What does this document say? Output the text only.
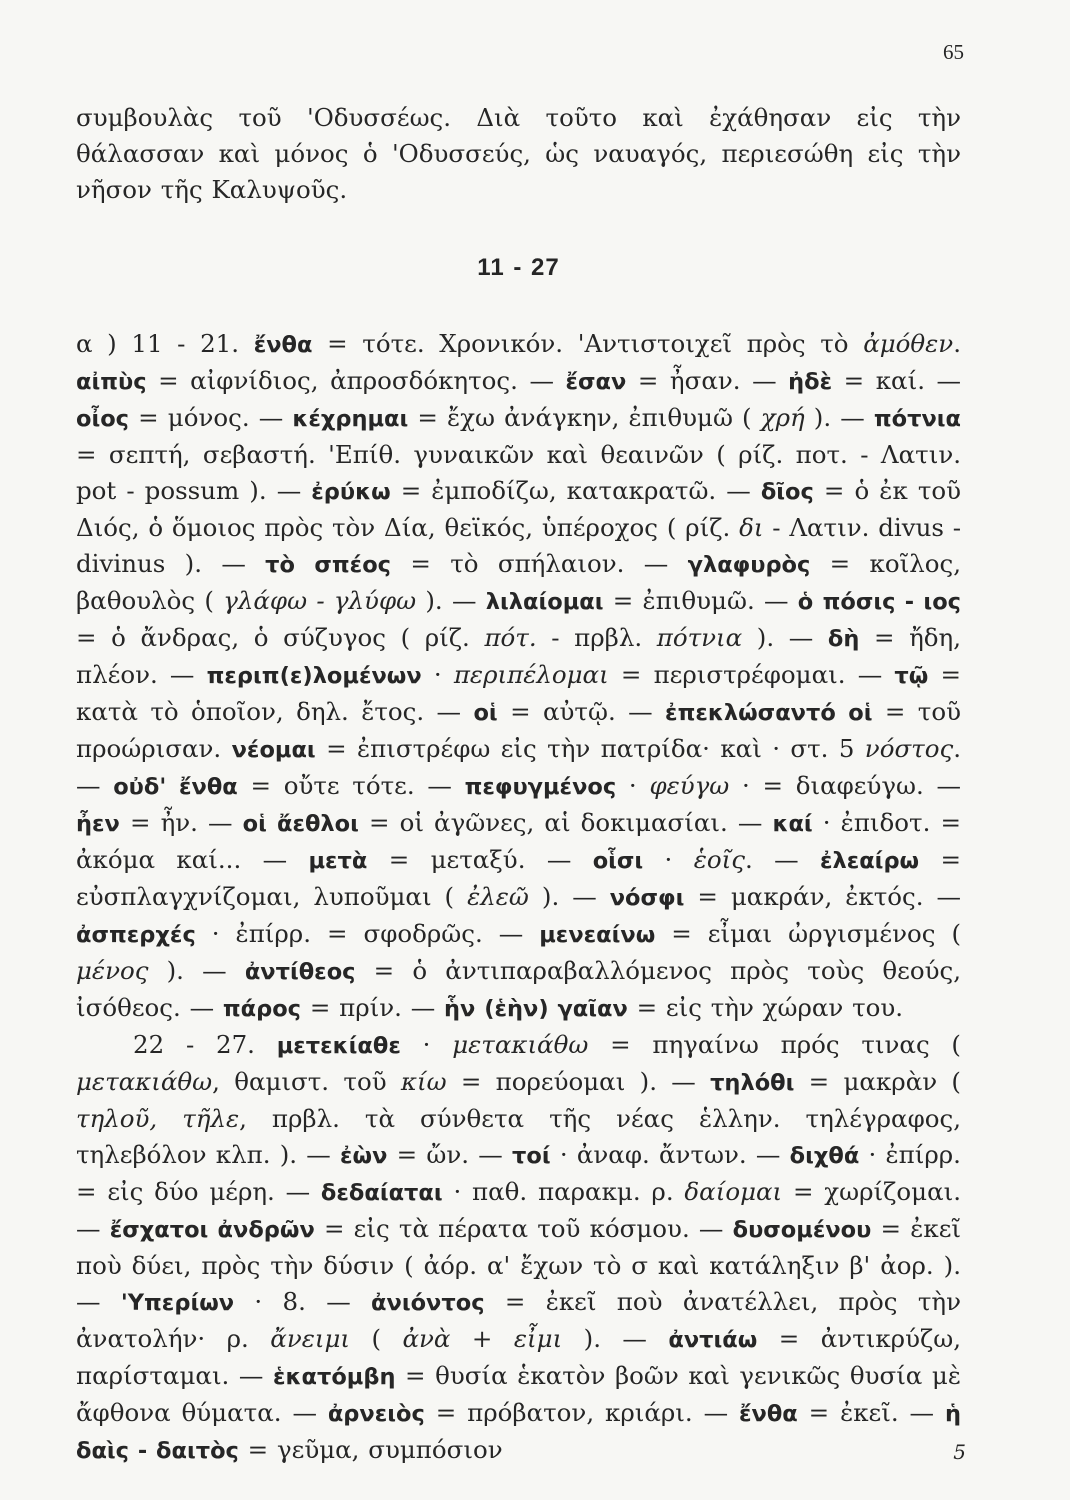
65

συμβουλὰς τοῦ 'Οδυσσέως. Διὰ τοῦτο καὶ ἐχάθησαν εἰς τὴν θάλασσαν καὶ μόνος ὁ 'Οδυσσεύς, ὡς ναυαγός, περιεσώθη εἰς τὴν νῆσον τῆς Καλυψοῦς.

11 - 27

α ) 11 - 21. ἔνθα = τότε. Χρονικόν. 'Αντιστοιχεῖ πρὸς τὸ ἀμόθεν. αἰπὺς = αἰφνίδιος, ἀπροσδόκητος. — ἔσαν = ἦσαν. — ἠδὲ = καί. — οἶος = μόνος. — κέχρημαι = ἔχω ἀνάγκην, ἐπιθυμῶ ( χρή ). — πότνια = σεπτή, σεβαστή. 'Επίθ. γυναικῶν καὶ θεαινῶν ( ρίζ. ποτ. - Λατιν. pot - possum ). — ἐρύκω = ἐμποδίζω, κατακρατῶ. — δῖος = ὁ ἐκ τοῦ Διός, ὁ ὅμοιος πρὸς τὸν Δία, θεϊκός, ὑπέροχος ( ρίζ. δι - Λατιν. divus - divinus ). — τὸ σπέος = τὸ σπήλαιον. — γλαφυρὸς = κοῖλος, βαθουλὸς ( γλάφω - γλύφω ). — λιλαίομαι = ἐπιθυμῶ. — ὁ πόσις - ιος = ὁ ἄνδρας, ὁ σύζυγος ( ρίζ. πότ. - πρβλ. πότνια ). — δὴ = ἤδη, πλέον. — περιπ(ε)λομένων · περιπέλομαι = περιστρέφομαι. — τῷ = κατὰ τὸ ὁποῖον, δηλ. ἔτος. — οἱ = αὐτῷ. — ἐπεκλώσαντό οἱ = τοῦ προώρισαν. νέομαι = ἐπιστρέφω εἰς τὴν πατρίδα· καὶ · στ. 5 νόστος. — οὐδ' ἔνθα = οὔτε τότε. — πεφυγμένος · φεύγω · = διαφεύγω. — ἦεν = ἦν. — οἱ ἄεθλοι = οἱ ἀγῶνες, αἱ δοκιμασίαι. — καί · ἐπιδοτ. = ἀκόμα καί... — μετὰ = μεταξύ. — οἷσι · ἑοῖς. — ἐλεαίρω = εὐσπλαγχνίζομαι, λυποῦμαι ( ἐλεῶ ). — νόσφι = μακράν, ἐκτός. — ἀσπερχές · ἐπίρρ. = σφοδρῶς. — μενεαίνω = εἶμαι ὠργισμένος ( μένος ). — ἀντίθεος = ὁ ἀντιπαραβαλλόμενος πρὸς τοὺς θεούς, ἰσόθεος. — πάρος = πρίν. — ἧν (ἑὴν) γαῖαν = εἰς τὴν χώραν του.

22 - 27. μετεκίαθε · μετακιάθω = πηγαίνω πρός τινας ( μετακιάθω, θαμιστ. τοῦ κίω = πορεύομαι ). — τηλόθι = μακρὰν ( τηλοῦ, τῆλε, πρβλ. τὰ σύνθετα τῆς νέας ἑλλην. τηλέγραφος, τηλεβόλον κλπ. ). — ἐὼν = ὤν. — τοί · ἀναφ. ἄντων. — διχθά · ἐπίρρ. = εἰς δύο μέρη. — δεδαίαται · παθ. παρακμ. ρ. δαίομαι = χωρίζομαι. — ἔσχατοι ἀνδρῶν = εἰς τὰ πέρατα τοῦ κόσμου. — δυσομένου = ἐκεῖ ποὺ δύει, πρὸς τὴν δύσιν ( ἀόρ. α' ἔχων τὸ σ καὶ κατάληξιν β' ἀορ. ). — 'Υπερίων · 8. — ἀνιόντος = ἐκεῖ ποὺ ἀνατέλλει, πρὸς τὴν ἀνατολήν· ρ. ἄνειμι ( ἀνὰ + εἶμι ). — ἀντιάω = ἀντικρύζω, παρίσταμαι. — ἑκατόμβη = θυσία ἑκατὸν βοῶν καὶ γενικῶς θυσία μὲ ἄφθονα θύματα. — ἀρνειὸς = πρόβατον, κριάρι. — ἔνθα = ἐκεῖ. — ἡ δαὶς - δαιτὸς = γεῦμα, συμπόσιον	5
